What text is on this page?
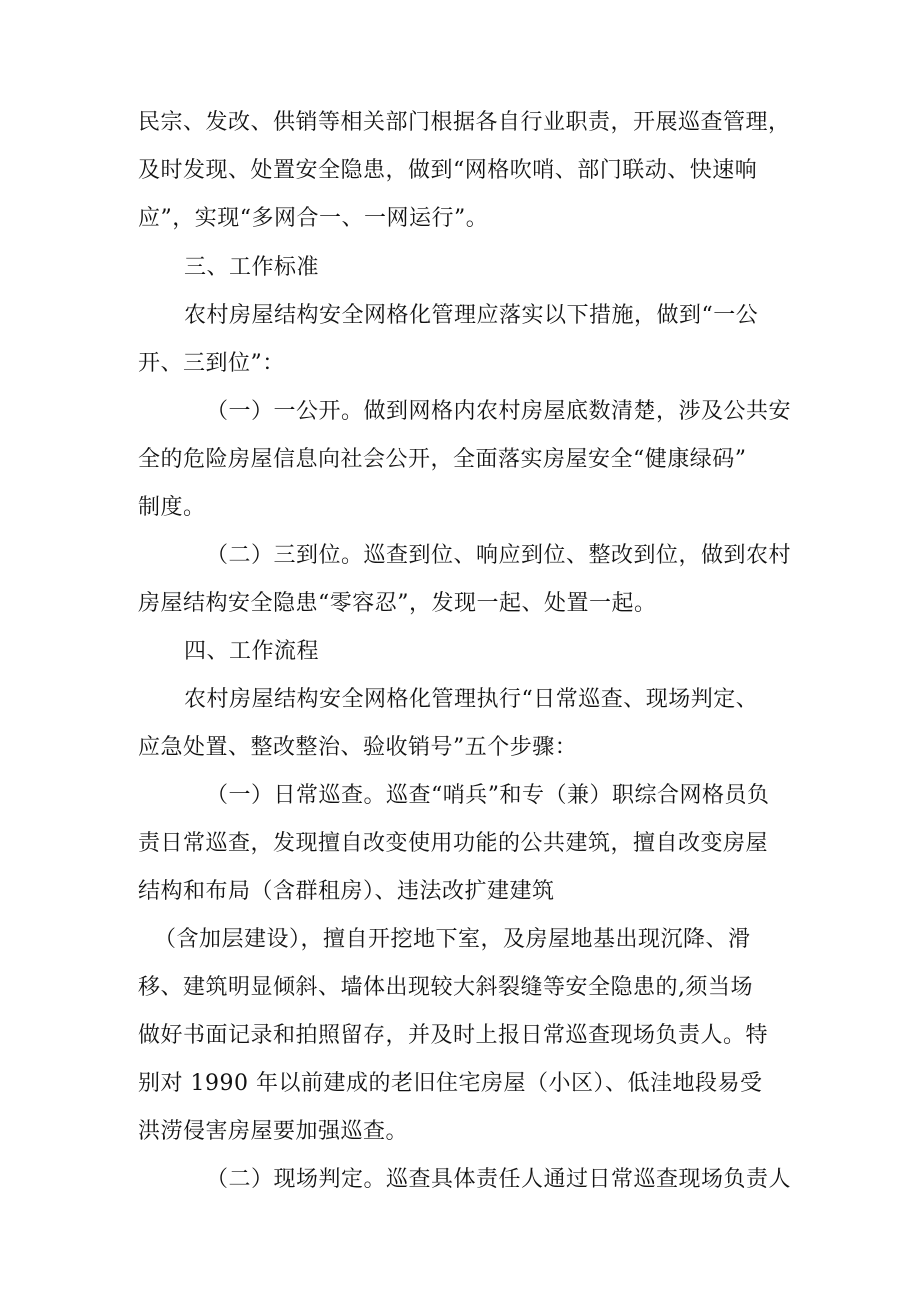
民宗、发改、供销等相关部门根据各自行业职责，开展巡查管理，
及时发现、处置安全隐患，做到“网格吹哨、部门联动、快速响
应”，实现“多网合一、一网运行”。
三、工作标准
农村房屋结构安全网格化管理应落实以下措施，做到“一公
开、三到位”：
（一）一公开。做到网格内农村房屋底数清楚，涉及公共安
全的危险房屋信息向社会公开，全面落实房屋安全“健康绿码”
制度。
（二）三到位。巡查到位、响应到位、整改到位，做到农村
房屋结构安全隐患“零容忍”，发现一起、处置一起。
四、工作流程
农村房屋结构安全网格化管理执行“日常巡查、现场判定、
应急处置、整改整治、验收销号”五个步骤：
（一）日常巡查。巡查“哨兵”和专（兼）职综合网格员负
责日常巡查，发现擅自改变使用功能的公共建筑，擅自改变房屋
结构和布局（含群租房）、违法改扩建建筑
（含加层建设），擅自开挖地下室，及房屋地基出现沉降、滑
移、建筑明显倾斜、墙体出现较大斜裂缝等安全隐患的,须当场
做好书面记录和拍照留存，并及时上报日常巡查现场负责人。特
别对 1990 年以前建成的老旧住宅房屋（小区）、低洼地段易受
洪涝侵害房屋要加强巡查。
（二）现场判定。巡查具体责任人通过日常巡查现场负责人
